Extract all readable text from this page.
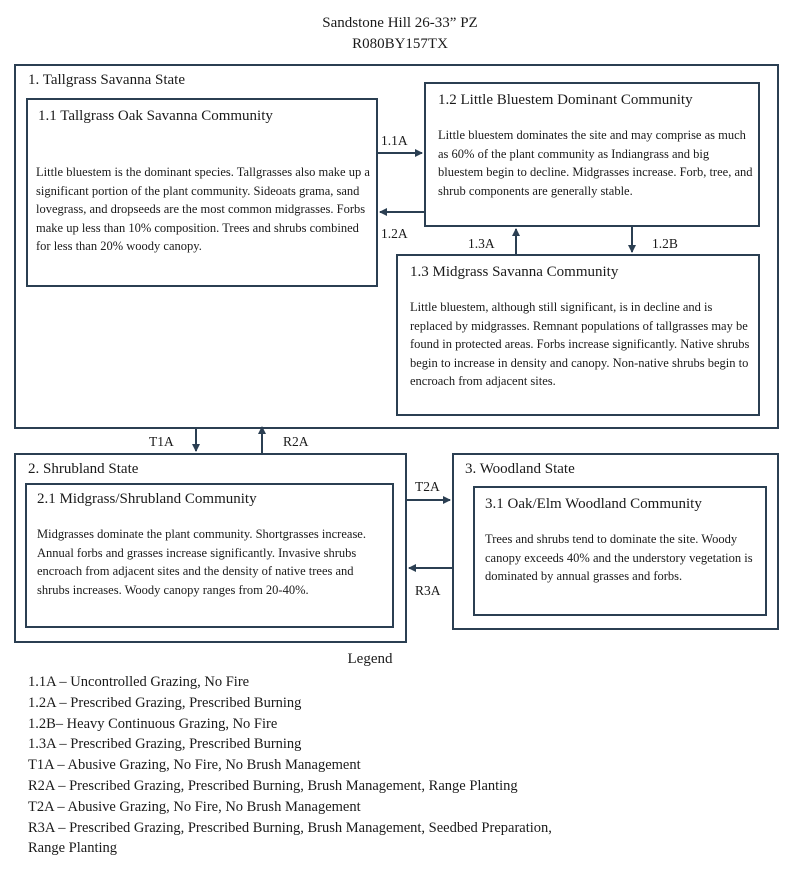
Sandstone Hill 26-33” PZ
R080BY157TX
1. Tallgrass Savanna State
1.1 Tallgrass Oak Savanna Community
Little bluestem is the dominant species. Tallgrasses also make up a significant portion of the plant community. Sideoats grama, sand lovegrass, and dropseeds are the most common midgrasses. Forbs make up less than 10% composition. Trees and shrubs combined for less than 20% woody canopy.
1.2 Little Bluestem Dominant Community
Little bluestem dominates the site and may comprise as much as 60% of the plant community as Indiangrass and big bluestem begin to decline. Midgrasses increase. Forb, tree, and shrub components are generally stable.
1.3 Midgrass Savanna Community
Little bluestem, although still significant, is in decline and is replaced by midgrasses. Remnant populations of tallgrasses may be found in protected areas. Forbs increase significantly. Native shrubs begin to increase in density and canopy. Non-native shrubs begin to encroach from adjacent sites.
2. Shrubland State
2.1 Midgrass/Shrubland Community
Midgrasses dominate the plant community. Shortgrasses increase. Annual forbs and grasses increase significantly. Invasive shrubs encroach from adjacent sites and the density of native trees and shrubs increases. Woody canopy ranges from 20-40%.
3. Woodland State
3.1 Oak/Elm Woodland Community
Trees and shrubs tend to dominate the site. Woody canopy exceeds 40% and the understory vegetation is dominated by annual grasses and forbs.
1.1A
1.2A
1.3A	1.2B
T1A	R2A
T2A
R3A
Legend
1.1A – Uncontrolled Grazing, No Fire
1.2A – Prescribed Grazing, Prescribed Burning
1.2B– Heavy Continuous Grazing, No Fire
1.3A – Prescribed Grazing, Prescribed Burning
T1A – Abusive Grazing, No Fire, No Brush Management
R2A – Prescribed Grazing, Prescribed Burning, Brush Management, Range Planting
T2A – Abusive Grazing, No Fire, No Brush Management
R3A – Prescribed Grazing, Prescribed Burning, Brush Management, Seedbed Preparation,
Range Planting
